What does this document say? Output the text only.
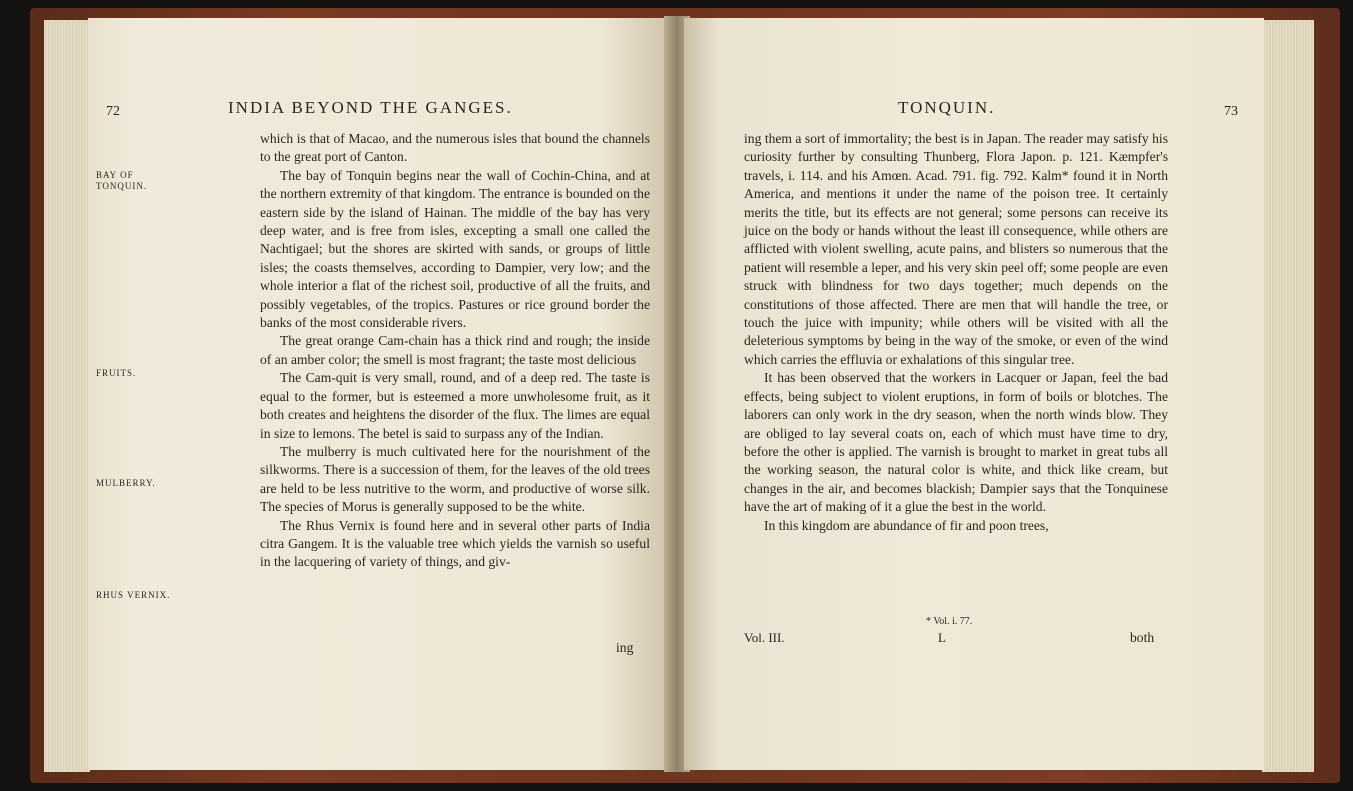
72	INDIA BEYOND THE GANGES.
BAY OF TONQUIN.
FRUITS.
MULBERRY.
RHUS VERNIX.

which is that of Macao, and the numerous isles that bound the channels to the great port of Canton.

The bay of Tonquin begins near the wall of Cochin-China, and at the northern extremity of that kingdom. The entrance is bounded on the eastern side by the island of Hainan. The middle of the bay has very deep water, and is free from isles, excepting a small one called the Nachtigael; but the shores are skirted with sands, or groups of little isles; the coasts themselves, according to Dampier, very low; and the whole interior a flat of the richest soil, productive of all the fruits, and possibly vegetables, of the tropics. Pastures or rice ground border the banks of the most considerable rivers.

The great orange Cam-chain has a thick rind and rough; the inside of an amber color; the smell is most fragrant; the taste most delicious

The Cam-quit is very small, round, and of a deep red. The taste is equal to the former, but is esteemed a more unwholesome fruit, as it both creates and heightens the disorder of the flux. The limes are equal in size to lemons. The betel is said to surpass any of the Indian.

The mulberry is much cultivated here for the nourishment of the silkworms. There is a succession of them, for the leaves of the old trees are held to be less nutritive to the worm, and productive of worse silk. The species of Morus is generally supposed to be the white.

The Rhus Vernix is found here and in several other parts of India citra Gangem. It is the valuable tree which yields the varnish so useful in the lacquering of variety of things, and giv-

ing
TONQUIN.	73

ing them a sort of immortality; the best is in Japan. The reader may satisfy his curiosity further by consulting Thunberg, Flora Japon. p. 121. Kæmpfer's travels, i. 114. and his Amœn. Acad. 791. fig. 792. Kalm* found it in North America, and mentions it under the name of the poison tree. It certainly merits the title, but its effects are not general; some persons can receive its juice on the body or hands without the least ill consequence, while others are afflicted with violent swelling, acute pains, and blisters so numerous that the patient will resemble a leper, and his very skin peel off; some people are even struck with blindness for two days together; much depends on the constitutions of those affected. There are men that will handle the tree, or touch the juice with impunity; while others will be visited with all the deleterious symptoms by being in the way of the smoke, or even of the wind which carries the effluvia or exhalations of this singular tree.

It has been observed that the workers in Lacquer or Japan, feel the bad effects, being subject to violent eruptions, in form of boils or blotches. The laborers can only work in the dry season, when the north winds blow. They are obliged to lay several coats on, each of which must have time to dry, before the other is applied. The varnish is brought to market in great tubs all the working season, the natural color is white, and thick like cream, but changes in the air, and becomes blackish; Dampier says that the Tonquinese have the art of making of it a glue the best in the world.

In this kingdom are abundance of fir and poon trees,

* Vol. i. 77.
Vol. III.	L	both
